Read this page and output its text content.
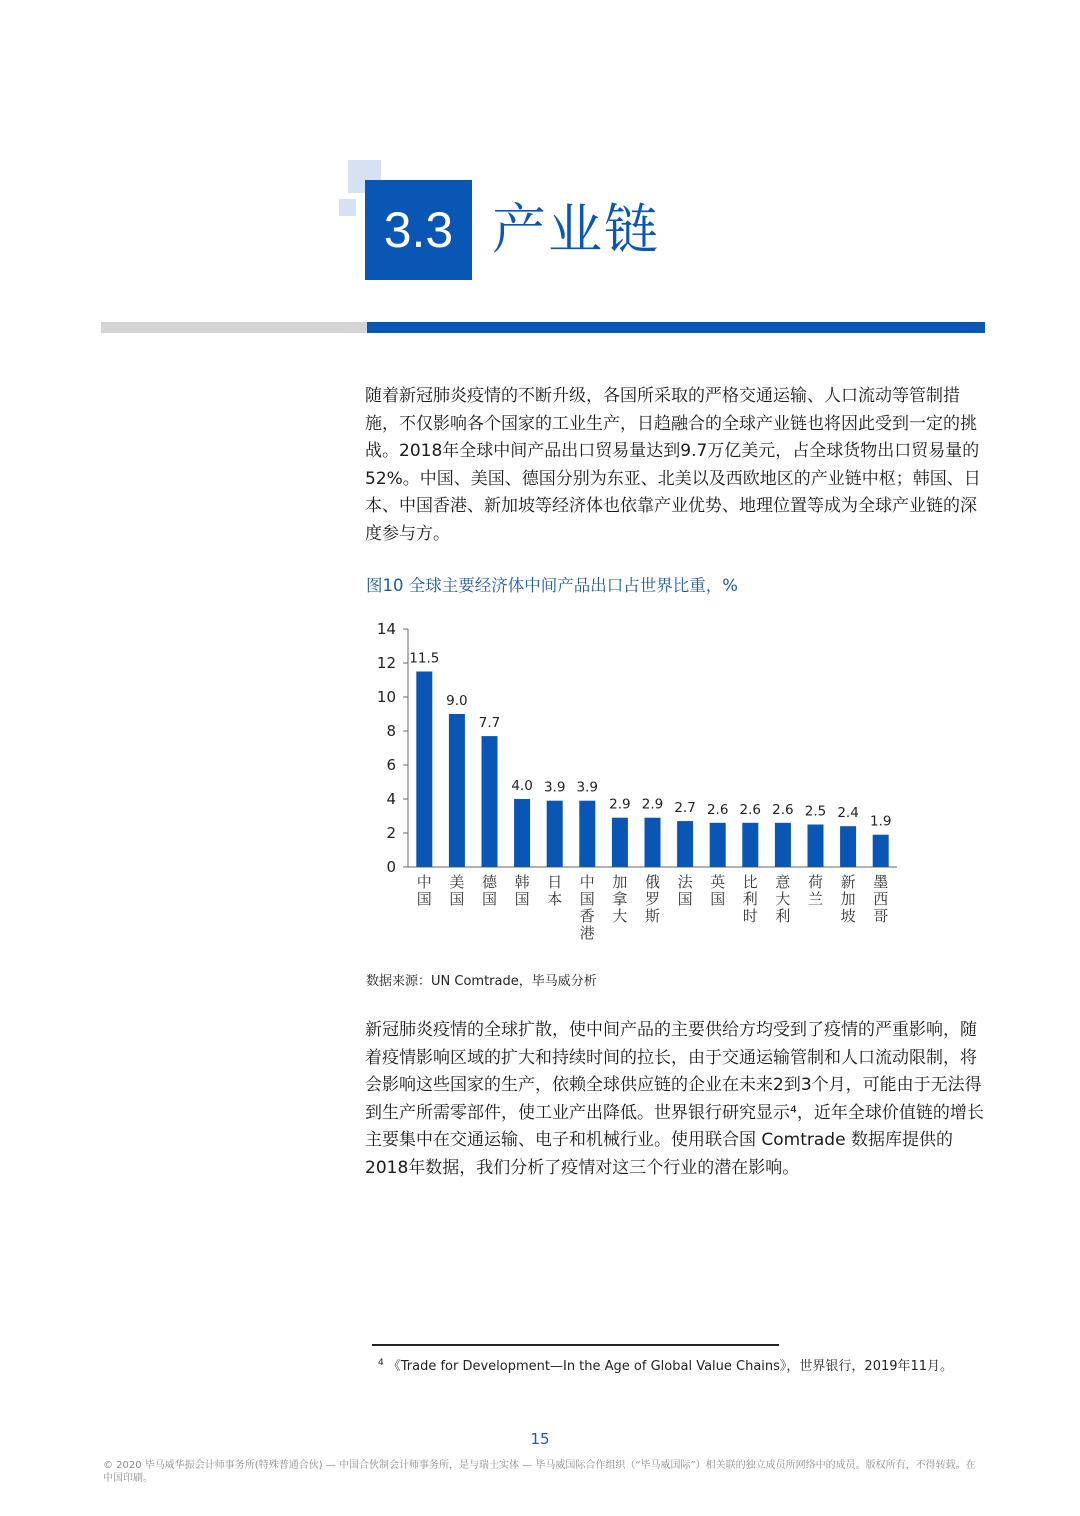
3.3 产业链
随着新冠肺炎疫情的不断升级，各国所采取的严格交通运输、人口流动等管制措施，不仅影响各个国家的工业生产，日趋融合的全球产业链也将因此受到一定的挑战。2018年全球中间产品出口贸易量达到9.7万亿美元，占全球货物出口贸易量的52%。中国、美国、德国分别为东亚、北美以及西欧地区的产业链中枢；韩国、日本、中国香港、新加坡等经济体也依靠产业优势、地理位置等成为全球产业链的深度参与方。
图10 全球主要经济体中间产品出口占世界比重，%
0
2
4
6
8
10
12
14
11.5
中国
9.0
美国
7.7
德国
4.0
韩国
3.9
日本
3.9
中国香港
2.9
加拿大
2.9
俄罗斯
2.7
法国
2.6
英国
2.6
比利时
2.6
意大利
2.5
荷兰
2.4
新加坡
1.9
墨西哥
数据来源：UN Comtrade，毕马威分析
新冠肺炎疫情的全球扩散，使中间产品的主要供给方均受到了疫情的严重影响，随着疫情影响区域的扩大和持续时间的拉长，由于交通运输管制和人口流动限制，将会影响这些国家的生产，依赖全球供应链的企业在未来2到3个月，可能由于无法得到生产所需零部件，使工业产出降低。世界银行研究显示⁴，近年全球价值链的增长主要集中在交通运输、电子和机械行业。使用联合国 Comtrade 数据库提供的2018年数据，我们分析了疫情对这三个行业的潜在影响。
$^4$ 《Trade for Development—In the Age of Global Value Chains》，世界银行，2019年11月。
15
© 2020 毕马威华振会计师事务所(特殊普通合伙) — 中国合伙制会计师事务所，是与瑞士实体 — 毕马威国际合作组织（“毕马威国际”）相关联的独立成员所网络中的成员。版权所有，不得转载。在中国印刷。
